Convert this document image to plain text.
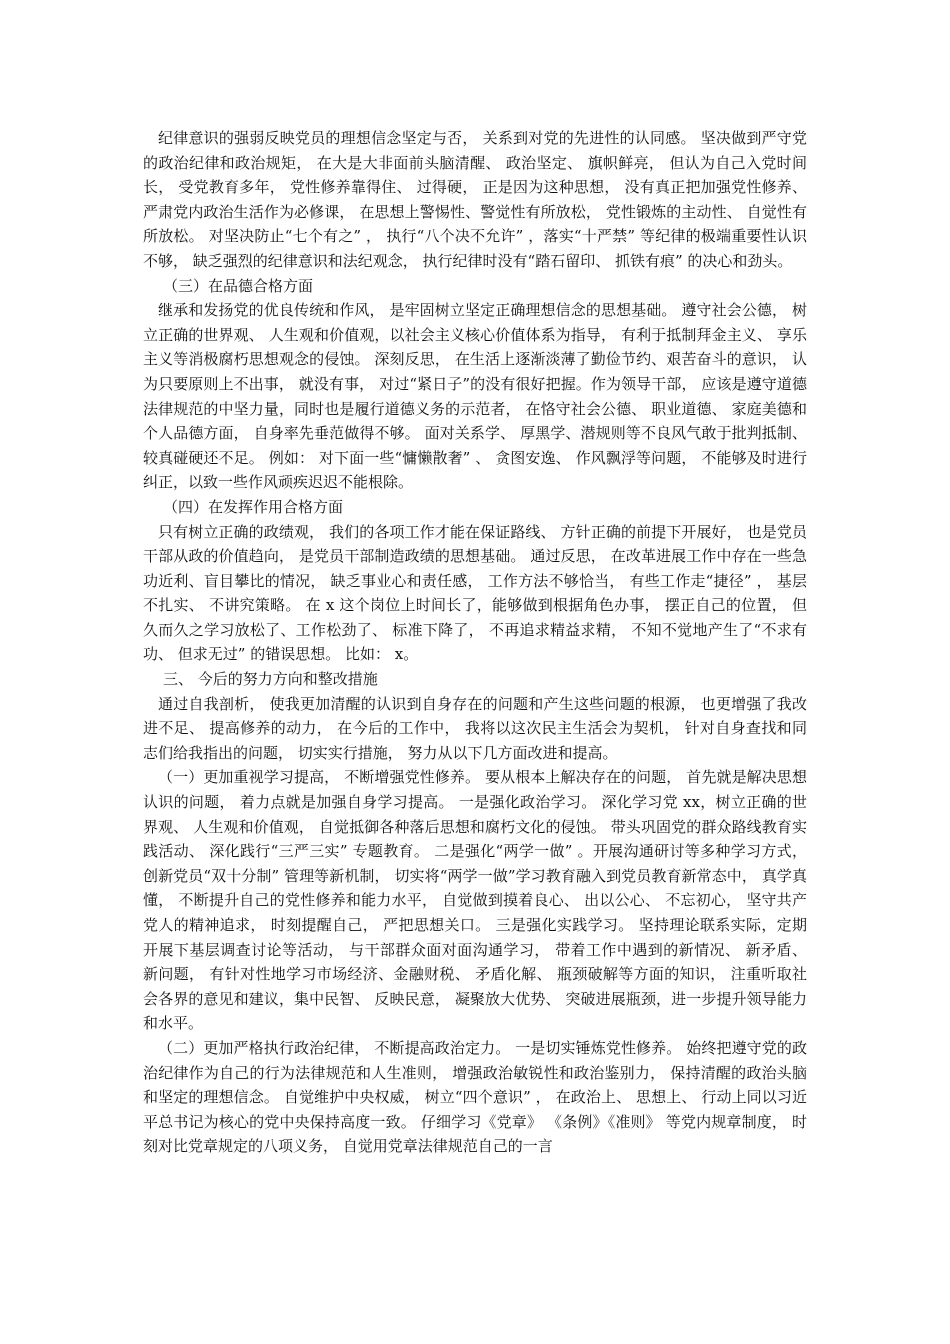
纪律意识的强弱反映党员的理想信念坚定与否， 关系到对党的先进性的认同感。 坚决做到严守党的政治纪律和政治规矩， 在大是大非面前头脑清醒、 政治坚定、 旗帜鲜亮， 但认为自己入党时间长， 受党教育多年， 党性修养靠得住、 过得硬， 正是因为这种思想， 没有真正把加强党性修养、 严肃党内政治生活作为必修课， 在思想上警惕性、警觉性有所放松， 党性锻炼的主动性、 自觉性有所放松。 对坚决防止“七个有之” ， 执行“八个决不允许” ，落实“十严禁” 等纪律的极端重要性认识不够， 缺乏强烈的纪律意识和法纪观念， 执行纪律时没有“踏石留印、 抓铁有痕” 的决心和劲头。

（三）在品德合格方面

继承和发扬党的优良传统和作风， 是牢固树立坚定正确理想信念的思想基础。 遵守社会公德， 树立正确的世界观、 人生观和价值观，以社会主义核心价值体系为指导， 有利于抵制拜金主义、 享乐主义等消极腐朽思想观念的侵蚀。 深刻反思， 在生活上逐渐淡薄了勤俭节约、艰苦奋斗的意识， 认为只要原则上不出事， 就没有事， 对过“紧日子”的没有很好把握。作为领导干部， 应该是遵守道德法律规范的中坚力量，同时也是履行道德义务的示范者， 在恪守社会公德、 职业道德、 家庭美德和个人品德方面， 自身率先垂范做得不够。 面对关系学、 厚黑学、潜规则等不良风气敢于批判抵制、 较真碰硬还不足。 例如： 对下面一些“慵懒散奢” 、 贪图安逸、 作风飘浮等问题， 不能够及时进行纠正，以致一些作风顽疾迟迟不能根除。

（四）在发挥作用合格方面

只有树立正确的政绩观， 我们的各项工作才能在保证路线、 方针正确的前提下开展好， 也是党员干部从政的价值趋向， 是党员干部制造政绩的思想基础。 通过反思， 在改革进展工作中存在一些急功近利、盲目攀比的情况， 缺乏事业心和责任感， 工作方法不够恰当， 有些工作走“捷径” ， 基层不扎实、 不讲究策略。 在 x 这个岗位上时间长了，能够做到根据角色办事， 摆正自己的位置， 但久而久之学习放松了、工作松劲了、 标准下降了， 不再追求精益求精， 不知不觉地产生了“不求有功、 但求无过” 的错误思想。 比如： x。

三、 今后的努力方向和整改措施

通过自我剖析， 使我更加清醒的认识到自身存在的问题和产生这些问题的根源， 也更增强了我改进不足、 提高修养的动力， 在今后的工作中， 我将以这次民主生活会为契机， 针对自身查找和同志们给我指出的问题， 切实实行措施， 努力从以下几方面改进和提高。

（一）更加重视学习提高， 不断增强党性修养。 要从根本上解决存在的问题， 首先就是解决思想认识的问题， 着力点就是加强自身学习提高。 一是强化政治学习。 深化学习党 xx，树立正确的世界观、 人生观和价值观， 自觉抵御各种落后思想和腐朽文化的侵蚀。 带头巩固党的群众路线教育实践活动、 深化践行“三严三实” 专题教育。 二是强化“两学一做” 。开展沟通研讨等多种学习方式， 创新党员“双十分制” 管理等新机制， 切实将“两学一做”学习教育融入到党员教育新常态中， 真学真懂， 不断提升自己的党性修养和能力水平， 自觉做到摸着良心、 出以公心、 不忘初心， 坚守共产党人的精神追求， 时刻提醒自己， 严把思想关口。 三是强化实践学习。 坚持理论联系实际，定期开展下基层调查讨论等活动， 与干部群众面对面沟通学习， 带着工作中遇到的新情况、 新矛盾、 新问题， 有针对性地学习市场经济、金融财税、 矛盾化解、 瓶颈破解等方面的知识， 注重听取社会各界的意见和建议，集中民智、 反映民意， 凝聚放大优势、 突破进展瓶颈，进一步提升领导能力和水平。

（二）更加严格执行政治纪律， 不断提高政治定力。 一是切实锤炼党性修养。 始终把遵守党的政治纪律作为自己的行为法律规范和人生准则， 增强政治敏锐性和政治鉴别力， 保持清醒的政治头脑和坚定的理想信念。 自觉维护中央权威， 树立“四个意识” ， 在政治上、 思想上、 行动上同以习近平总书记为核心的党中央保持高度一致。 仔细学习《党章》 《条例》《准则》 等党内规章制度， 时刻对比党章规定的八项义务， 自觉用党章法律规范自己的一言
